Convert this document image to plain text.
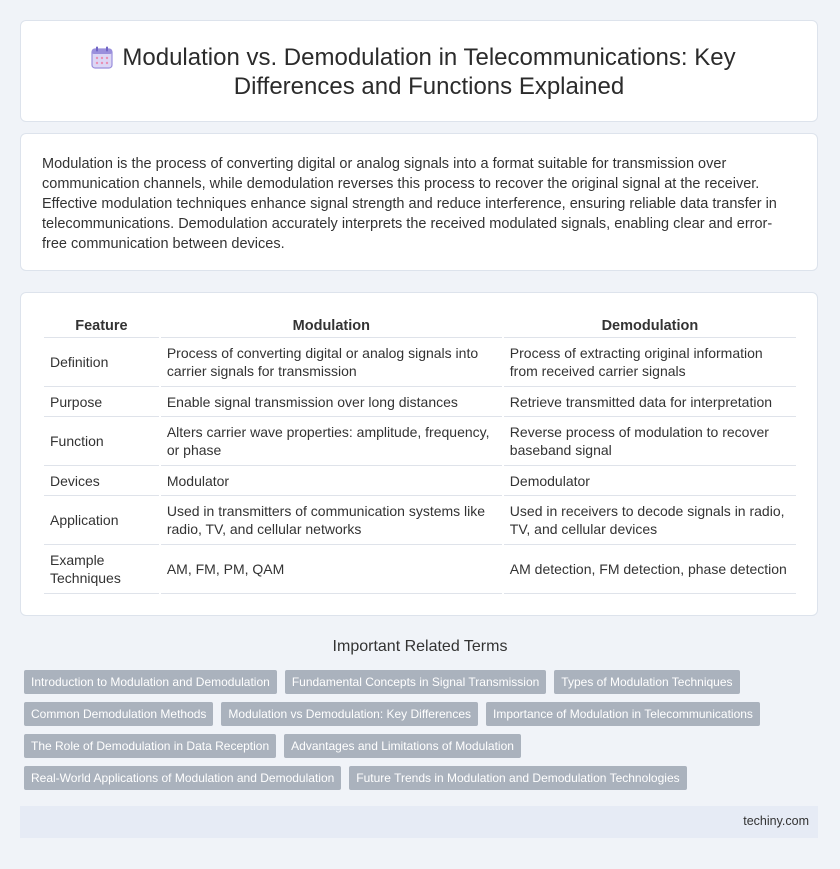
Modulation vs. Demodulation in Telecommunications: Key Differences and Functions Explained

Modulation is the process of converting digital or analog signals into a format suitable for transmission over communication channels, while demodulation reverses this process to recover the original signal at the receiver. Effective modulation techniques enhance signal strength and reduce interference, ensuring reliable data transfer in telecommunications. Demodulation accurately interprets the received modulated signals, enabling clear and error-free communication between devices.

Feature	Modulation	Demodulation
Definition	Process of converting digital or analog signals into carrier signals for transmission	Process of extracting original information from received carrier signals
Purpose	Enable signal transmission over long distances	Retrieve transmitted data for interpretation
Function	Alters carrier wave properties: amplitude, frequency, or phase	Reverse process of modulation to recover baseband signal
Devices	Modulator	Demodulator
Application	Used in transmitters of communication systems like radio, TV, and cellular networks	Used in receivers to decode signals in radio, TV, and cellular devices
Example Techniques	AM, FM, PM, QAM	AM detection, FM detection, phase detection
Important Related Terms
Introduction to Modulation and Demodulation	Fundamental Concepts in Signal Transmission	Types of Modulation Techniques
Common Demodulation Methods	Modulation vs Demodulation: Key Differences	Importance of Modulation in Telecommunications
The Role of Demodulation in Data Reception	Advantages and Limitations of Modulation
Real-World Applications of Modulation and Demodulation	Future Trends in Modulation and Demodulation Technologies
techiny.com
